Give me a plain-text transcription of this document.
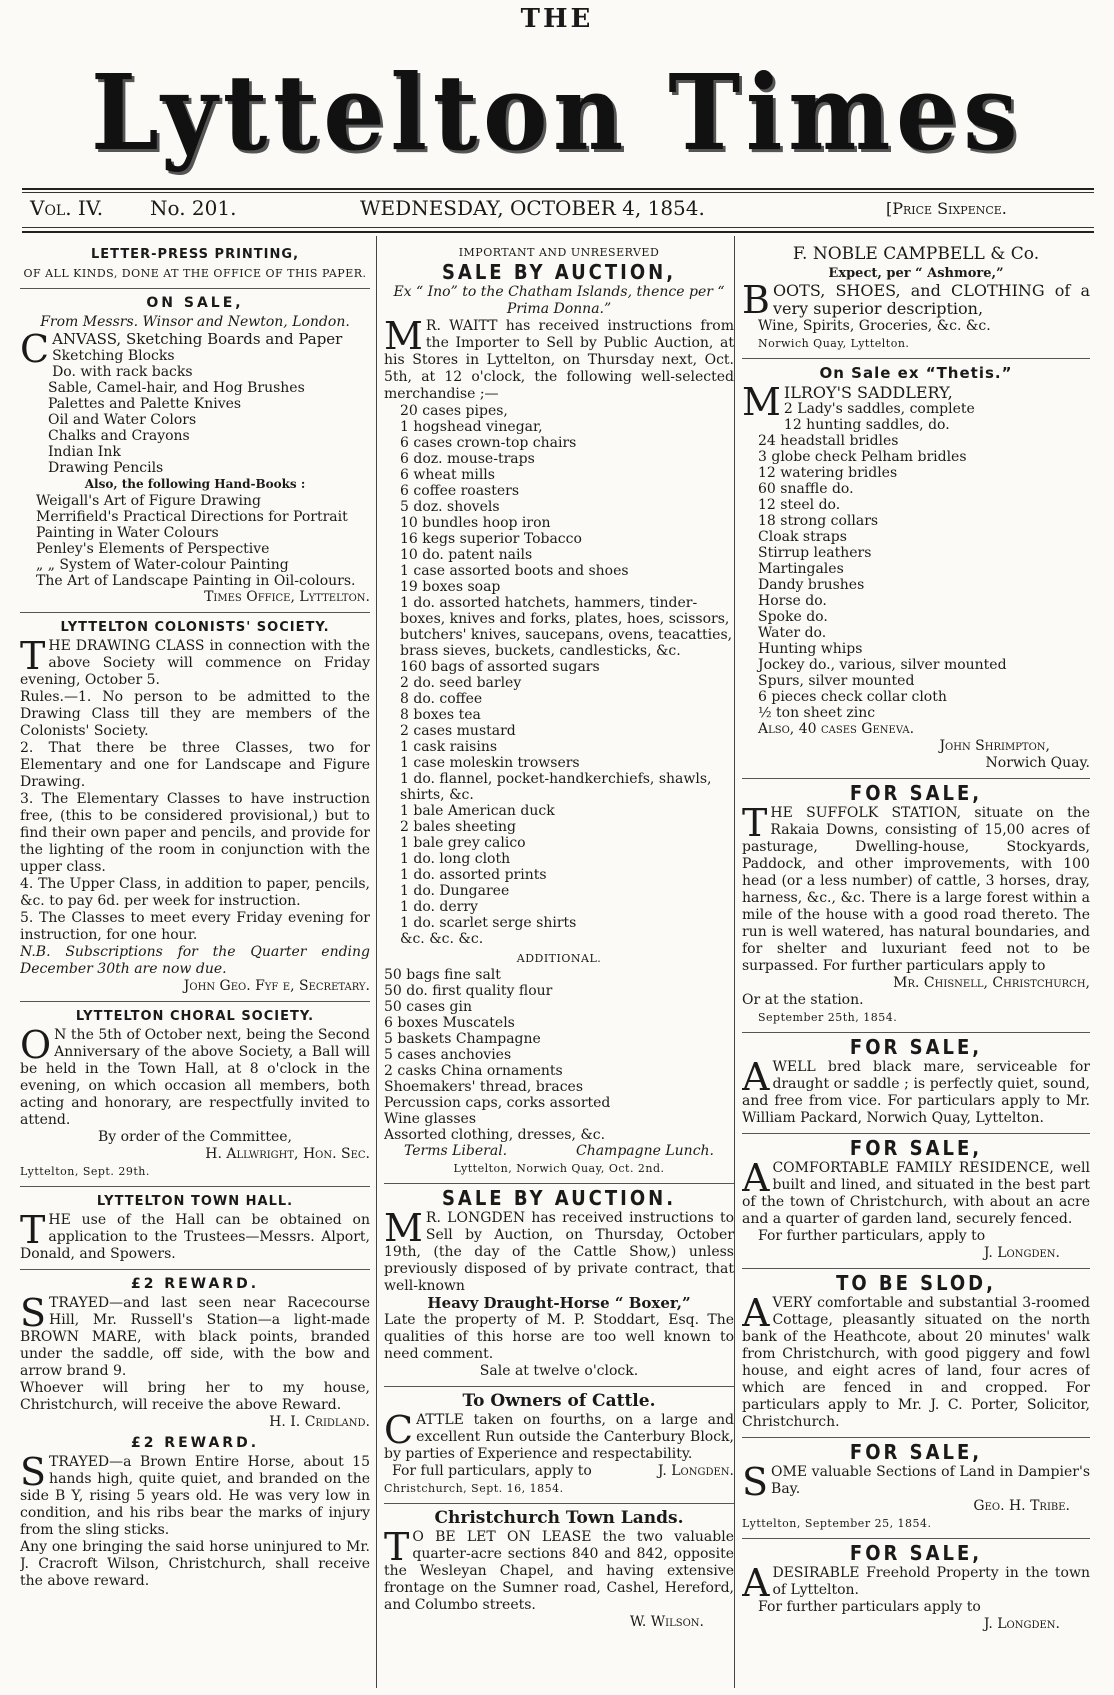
THE
Lyttelton Times
Vol. IV. No. 201.	WEDNESDAY, OCTOBER 4, 1854.	[Price Sixpence.
LETTER-PRESS PRINTING,
OF ALL KINDS, DONE AT THE OFFICE OF THIS PAPER.
ON SALE,
From Messrs. Winsor and Newton, London.
CANVASS, Sketching Boards and Paper
Sketching Blocks
Do. with rack backs
Sable, Camel-hair, and Hog Brushes
Palettes and Palette Knives
Oil and Water Colors
Chalks and Crayons
Indian Ink
Drawing Pencils
Also, the following Hand-Books :
Weigall's Art of Figure Drawing
Merrifield's Practical Directions for Portrait Painting in Water Colours
Penley's Elements of Perspective
„ „ System of Water-colour Painting
The Art of Landscape Painting in Oil-colours.
Times Office, Lyttelton.
LYTTELTON COLONISTS' SOCIETY.
THE DRAWING CLASS in connection with the above Society will commence on Friday evening, October 5.
Rules.—1. No person to be admitted to the Drawing Class till they are members of the Colonists' Society.
2. That there be three Classes, two for Elementary and one for Landscape and Figure Drawing.
3. The Elementary Classes to have instruction free, (this to be considered provisional,) but to find their own paper and pencils, and provide for the lighting of the room in conjunction with the upper class.
4. The Upper Class, in addition to paper, pencils, &c. to pay 6d. per week for instruction.
5. The Classes to meet every Friday evening for instruction, for one hour.
N.B. Subscriptions for the Quarter ending December 30th are now due.
John Geo. Fyf e, Secretary.
LYTTELTON CHORAL SOCIETY.
ON the 5th of October next, being the Second Anniversary of the above Society, a Ball will be held in the Town Hall, at 8 o'clock in the evening, on which occasion all members, both acting and honorary, are respectfully invited to attend.
By order of the Committee,
H. Allwright, Hon. Sec.
Lyttelton, Sept. 29th.
LYTTELTON TOWN HALL.
THE use of the Hall can be obtained on application to the Trustees—Messrs. Alport, Donald, and Spowers.
£2 REWARD.
STRAYED—and last seen near Racecourse Hill, Mr. Russell's Station—a light-made BROWN MARE, with black points, branded under the saddle, off side, with the bow and arrow brand 9.
Whoever will bring her to my house, Christchurch, will receive the above Reward.
H. I. Cridland.
£2 REWARD.
STRAYED—a Brown Entire Horse, about 15 hands high, quite quiet, and branded on the side B Y, rising 5 years old. He was very low in condition, and his ribs bear the marks of injury from the sling sticks.
Any one bringing the said horse uninjured to Mr. J. Cracroft Wilson, Christchurch, shall receive the above reward.
IMPORTANT AND UNRESERVED
SALE BY AUCTION,
Ex “ Ino” to the Chatham Islands, thence per “ Prima Donna.”
MR. WAITT has received instructions from the Importer to Sell by Public Auction, at his Stores in Lyttelton, on Thursday next, Oct. 5th, at 12 o'clock, the following well-selected merchandise ;—
20 cases pipes,
1 hogshead vinegar,
6 cases crown-top chairs
6 doz. mouse-traps
6 wheat mills
6 coffee roasters
5 doz. shovels
10 bundles hoop iron
16 kegs superior Tobacco
10 do. patent nails
1 case assorted boots and shoes
19 boxes soap
1 do. assorted hatchets, hammers, tinder-boxes, knives and forks, plates, hoes, scissors, butchers' knives, saucepans, ovens, teacatties, brass sieves, buckets, candlesticks, &c.
160 bags of assorted sugars
2 do. seed barley
8 do. coffee
8 boxes tea
2 cases mustard
1 cask raisins
1 case moleskin trowsers
1 do. flannel, pocket-handkerchiefs, shawls, shirts, &c.
1 bale American duck
2 bales sheeting
1 bale grey calico
1 do. long cloth
1 do. assorted prints
1 do. Dungaree
1 do. derry
1 do. scarlet serge shirts
&c. &c. &c.
ADDITIONAL.
50 bags fine salt
50 do. first quality flour
50 cases gin
6 boxes Muscatels
5 baskets Champagne
5 cases anchovies
2 casks China ornaments
Shoemakers' thread, braces
Percussion caps, corks assorted
Wine glasses
Assorted clothing, dresses, &c.
Terms Liberal.	Champagne Lunch.
Lyttelton, Norwich Quay, Oct. 2nd.
SALE BY AUCTION.
MR. LONGDEN has received instructions to Sell by Auction, on Thursday, October 19th, (the day of the Cattle Show,) unless previously disposed of by private contract, that well-known
Heavy Draught-Horse “ Boxer,”
Late the property of M. P. Stoddart, Esq. The qualities of this horse are too well known to need comment.
Sale at twelve o'clock.
To Owners of Cattle.
CATTLE taken on fourths, on a large and excellent Run outside the Canterbury Block, by parties of Experience and respectability.
For full particulars, apply to	J. Longden.
Christchurch, Sept. 16, 1854.
Christchurch Town Lands.
TO BE LET ON LEASE the two valuable quarter-acre sections 840 and 842, opposite the Wesleyan Chapel, and having extensive frontage on the Sumner road, Cashel, Hereford, and Columbo streets.
W. Wilson.
F. NOBLE CAMPBELL & Co.
Expect, per “ Ashmore,”
BOOTS, SHOES, and CLOTHING of a very superior description,
Wine, Spirits, Groceries, &c. &c.
Norwich Quay, Lyttelton.
On Sale ex “Thetis.”
MILROY'S SADDLERY,
2 Lady's saddles, complete
12 hunting saddles, do.
24 headstall bridles
3 globe check Pelham bridles
12 watering bridles
60 snaffle do.
12 steel do.
18 strong collars
Cloak straps
Stirrup leathers
Martingales
Dandy brushes
Horse do.
Spoke do.
Water do.
Hunting whips
Jockey do., various, silver mounted
Spurs, silver mounted
6 pieces check collar cloth
½ ton sheet zinc
Also, 40 cases Geneva.
John Shrimpton,
Norwich Quay.
FOR SALE,
THE SUFFOLK STATION, situate on the Rakaia Downs, consisting of 15,00 acres of pasturage, Dwelling-house, Stockyards, Paddock, and other improvements, with 100 head (or a less number) of cattle, 3 horses, dray, harness, &c., &c. There is a large forest within a mile of the house with a good road thereto. The run is well watered, has natural boundaries, and for shelter and luxuriant feed not to be surpassed. For further particulars apply to
Mr. Chisnell, Christchurch,
Or at the station.
September 25th, 1854.
FOR SALE,
AWELL bred black mare, serviceable for draught or saddle ; is perfectly quiet, sound, and free from vice. For particulars apply to Mr. William Packard, Norwich Quay, Lyttelton.
FOR SALE,
ACOMFORTABLE FAMILY RESIDENCE, well built and lined, and situated in the best part of the town of Christchurch, with about an acre and a quarter of garden land, securely fenced.
For further particulars, apply to
J. Longden.
TO BE SLOD,
AVERY comfortable and substantial 3-roomed Cottage, pleasantly situated on the north bank of the Heathcote, about 20 minutes' walk from Christchurch, with good piggery and fowl house, and eight acres of land, four acres of which are fenced in and cropped. For particulars apply to Mr. J. C. Porter, Solicitor, Christchurch.
FOR SALE,
SOME valuable Sections of Land in Dampier's Bay.
Geo. H. Tribe.
Lyttelton, September 25, 1854.
FOR SALE,
ADESIRABLE Freehold Property in the town of Lyttelton.
For further particulars apply to
J. Longden.
